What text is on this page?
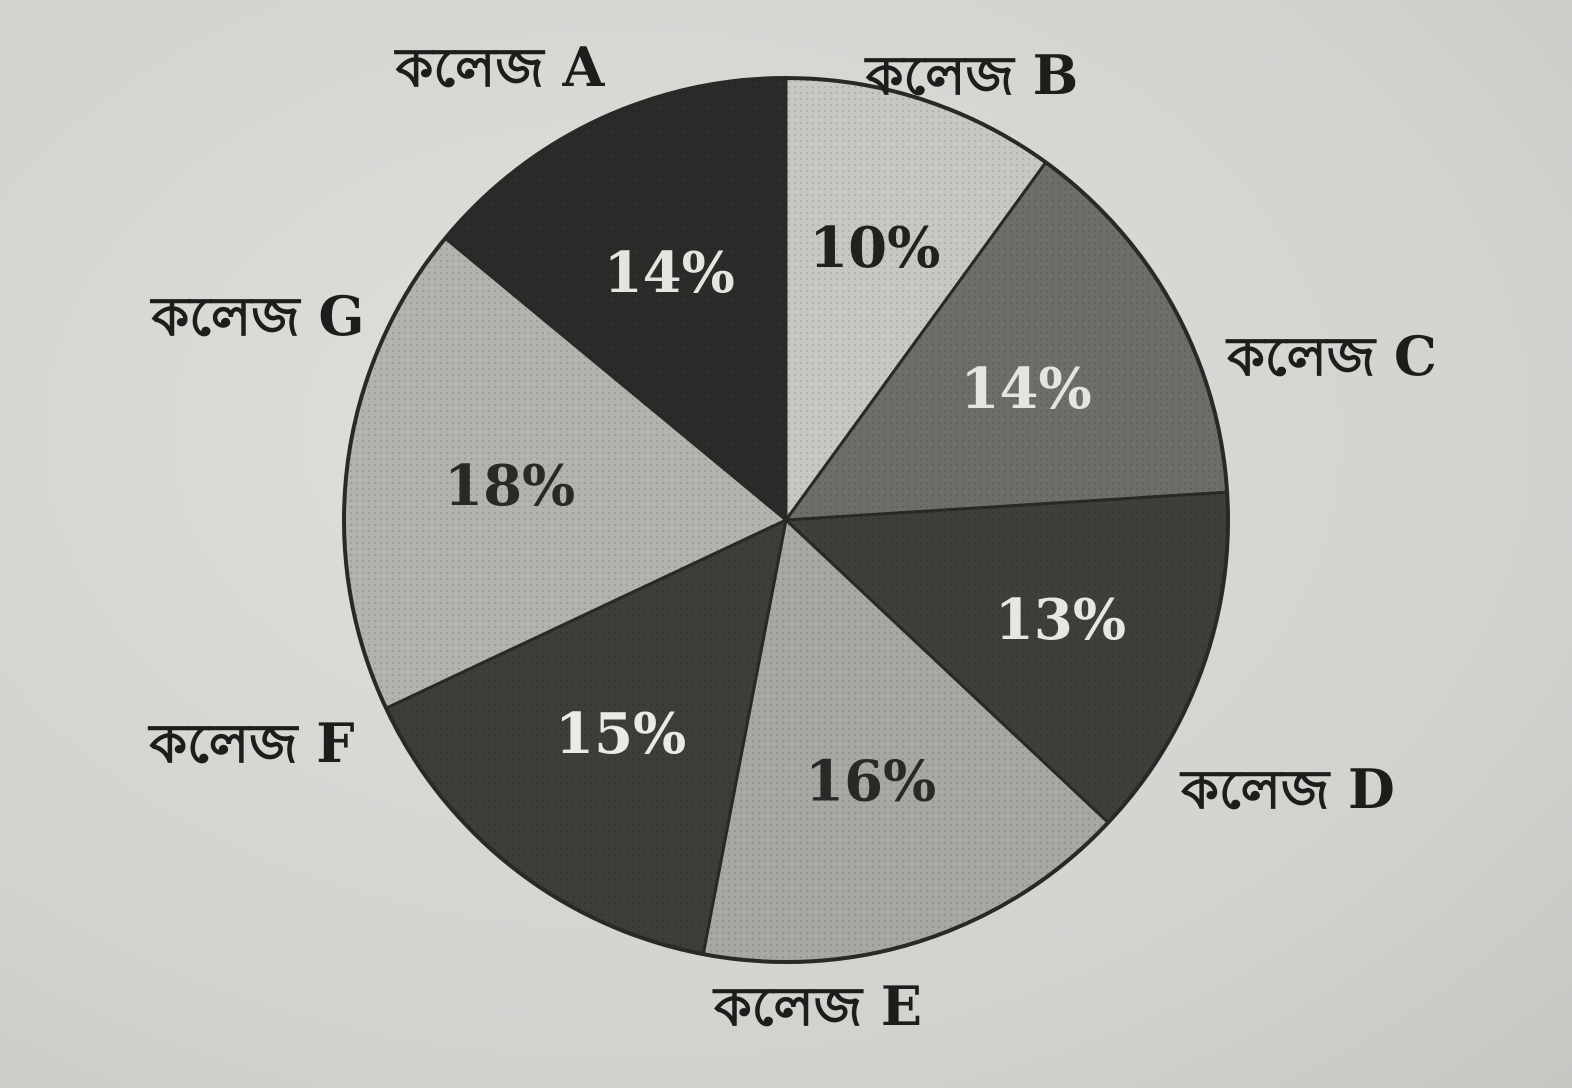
10%
14%
13%
16%
15%
18%
14%
কলেজ A	কলেজ B
কলেজ C
কলেজ D
কলেজ E
কলেজ F
কলেজ G
